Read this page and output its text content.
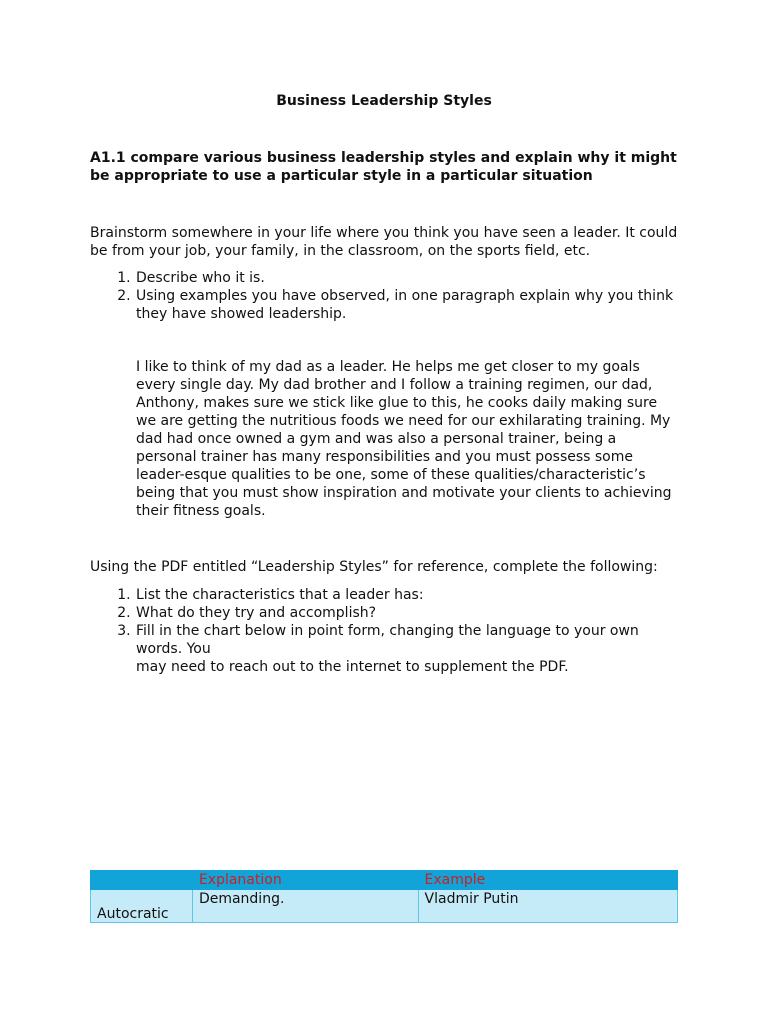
Business Leadership Styles
A1.1 compare various business leadership styles and explain why it might be appropriate to use a particular style in a particular situation
Brainstorm somewhere in your life where you think you have seen a leader. It could be from your job, your family, in the classroom, on the sports field, etc.
1. Describe who it is.
2. Using examples you have observed, in one paragraph explain why you think they have showed leadership.
I like to think of my dad as a leader. He helps me get closer to my goals every single day. My dad brother and I follow a training regimen, our dad, Anthony, makes sure we stick like glue to this, he cooks daily making sure we are getting the nutritious foods we need for our exhilarating training. My dad had once owned a gym and was also a personal trainer, being a personal trainer has many responsibilities and you must possess some leader-esque qualities to be one, some of these qualities/characteristic’s being that you must show inspiration and motivate your clients to achieving their fitness goals.
Using the PDF entitled “Leadership Styles” for reference, complete the following:
1. List the characteristics that a leader has:
2. What do they try and accomplish?
3. Fill in the chart below in point form, changing the language to your own words. You
may need to reach out to the internet to supplement the PDF.
	Explanation	Example
Autocratic	Demanding.	Vladmir Putin
